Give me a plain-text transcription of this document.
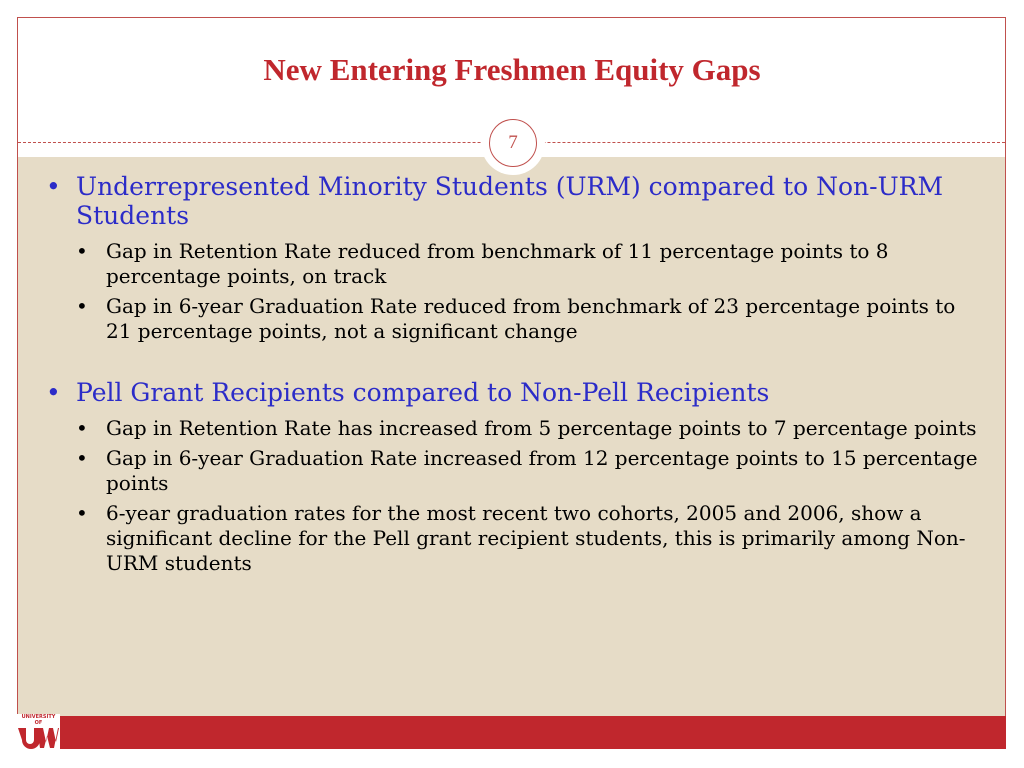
New Entering Freshmen Equity Gaps
7
• Underrepresented Minority Students (URM) compared to Non-URM Students
• Gap in Retention Rate reduced from benchmark of 11 percentage points to 8 percentage points, on track
• Gap in 6-year Graduation Rate reduced from benchmark of 23 percentage points to 21 percentage points, not a significant change
• Pell Grant Recipients compared to Non-Pell Recipients
• Gap in Retention Rate has increased from 5 percentage points to 7 percentage points
• Gap in 6-year Graduation Rate increased from 12 percentage points to 15 percentage points
• 6-year graduation rates for the most recent two cohorts, 2005 and 2006, show a significant decline for the Pell grant recipient students, this is primarily among Non-URM students
UNIVERSITY OF
